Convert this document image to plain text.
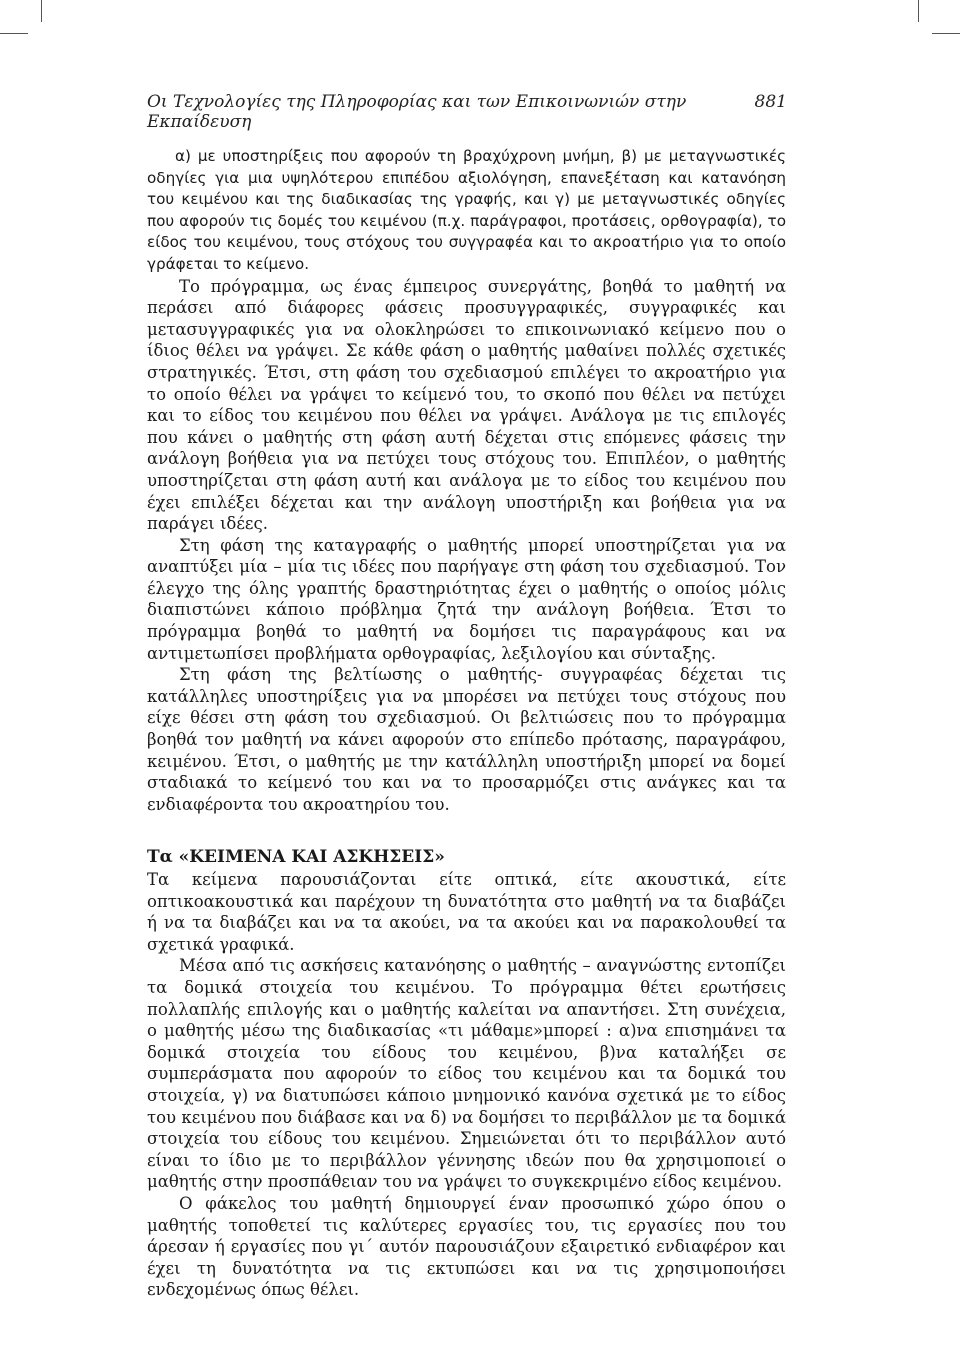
Οι Τεχνολογίες της Πληροφορίας και των Επικοινωνιών στην Εκπαίδευση
881

α) με υποστηρίξεις που αφορούν τη βραχύχρονη μνήμη, β) με μεταγνωστικές οδηγίες για μια υψηλότερου επιπέδου αξιολόγηση, επανεξέταση και κατανόηση του κειμένου και της διαδικασίας της γραφής, και γ) με μεταγνωστικές οδηγίες που αφορούν τις δομές του κειμένου (π.χ. παράγραφοι, προτάσεις, ορθογραφία), το είδος του κειμένου, τους στόχους του συγγραφέα και το ακροατήριο για το οποίο γράφεται το κείμενο.

Το πρόγραμμα, ως ένας έμπειρος συνεργάτης, βοηθά το μαθητή να περάσει από διάφορες φάσεις προσυγγραφικές, συγγραφικές και μετασυγγραφικές για να ολοκληρώσει το επικοινωνιακό κείμενο που ο ίδιος θέλει να γράψει. Σε κάθε φάση ο μαθητής μαθαίνει πολλές σχετικές στρατηγικές. Έτσι, στη φάση του σχεδιασμού επιλέγει το ακροατήριο για το οποίο θέλει να γράψει το κείμενό του, το σκοπό που θέλει να πετύχει και το είδος του κειμένου που θέλει να γράψει. Ανάλογα με τις επιλογές που κάνει ο μαθητής στη φάση αυτή δέχεται στις επόμενες φάσεις την ανάλογη βοήθεια για να πετύχει τους στόχους του. Επιπλέον, ο μαθητής υποστηρίζεται στη φάση αυτή και ανάλογα με το είδος του κειμένου που έχει επιλέξει δέχεται και την ανάλογη υποστήριξη και βοήθεια για να παράγει ιδέες.

Στη φάση της καταγραφής ο μαθητής μπορεί υποστηρίζεται για να αναπτύξει μία – μία τις ιδέες που παρήγαγε στη φάση του σχεδιασμού. Τον έλεγχο της όλης γραπτής δραστηριότητας έχει ο μαθητής ο οποίος μόλις διαπιστώνει κάποιο πρόβλημα ζητά την ανάλογη βοήθεια. Έτσι το πρόγραμμα βοηθά το μαθητή να δομήσει τις παραγράφους και να αντιμετωπίσει προβλήματα ορθογραφίας, λεξιλογίου και σύνταξης.

Στη φάση της βελτίωσης ο μαθητής- συγγραφέας δέχεται τις κατάλληλες υποστηρίξεις για να μπορέσει να πετύχει τους στόχους που είχε θέσει στη φάση του σχεδιασμού. Οι βελτιώσεις που το πρόγραμμα βοηθά τον μαθητή να κάνει αφορούν στο επίπεδο πρότασης, παραγράφου, κειμένου. Έτσι, ο μαθητής με την κατάλληλη υποστήριξη μπορεί να δομεί σταδιακά το κείμενό του και να το προσαρμόζει στις ανάγκες και τα ενδιαφέροντα του ακροατηρίου του.

Τα «ΚΕΙΜΕΝΑ ΚΑΙ ΑΣΚΗΣΕΙΣ»

Τα κείμενα παρουσιάζονται είτε οπτικά, είτε ακουστικά, είτε οπτικοακουστικά και παρέχουν τη δυνατότητα στο μαθητή να τα διαβάζει ή να τα διαβάζει και να τα ακούει, να τα ακούει και να παρακολουθεί τα σχετικά γραφικά.

Μέσα από τις ασκήσεις κατανόησης ο μαθητής – αναγνώστης εντοπίζει τα δομικά στοιχεία του κειμένου. Το πρόγραμμα θέτει ερωτήσεις πολλαπλής επιλογής και ο μαθητής καλείται να απαντήσει. Στη συνέχεια, ο μαθητής μέσω της διαδικασίας «τι μάθαμε»μπορεί : α)να επισημάνει τα δομικά στοιχεία του είδους του κειμένου, β)να καταλήξει σε συμπεράσματα που αφορούν το είδος του κειμένου και τα δομικά του στοιχεία, γ) να διατυπώσει κάποιο μνημονικό κανόνα σχετικά με το είδος του κειμένου που διάβασε και να δ) να δομήσει το περιβάλλον με τα δομικά στοιχεία του είδους του κειμένου. Σημειώνεται ότι το περιβάλλον αυτό είναι το ίδιο με το περιβάλλον γέννησης ιδεών που θα χρησιμοποιεί ο μαθητής στην προσπάθειαν του να γράψει το συγκεκριμένο είδος κειμένου.

Ο φάκελος του μαθητή δημιουργεί έναν προσωπικό χώρο όπου ο μαθητής τοποθετεί τις καλύτερες εργασίες του, τις εργασίες που του άρεσαν ή εργασίες που γι΄ αυτόν παρουσιάζουν εξαιρετικό ενδιαφέρον και έχει τη δυνατότητα να τις εκτυπώσει και να τις χρησιμοποιήσει ενδεχομένως όπως θέλει.
